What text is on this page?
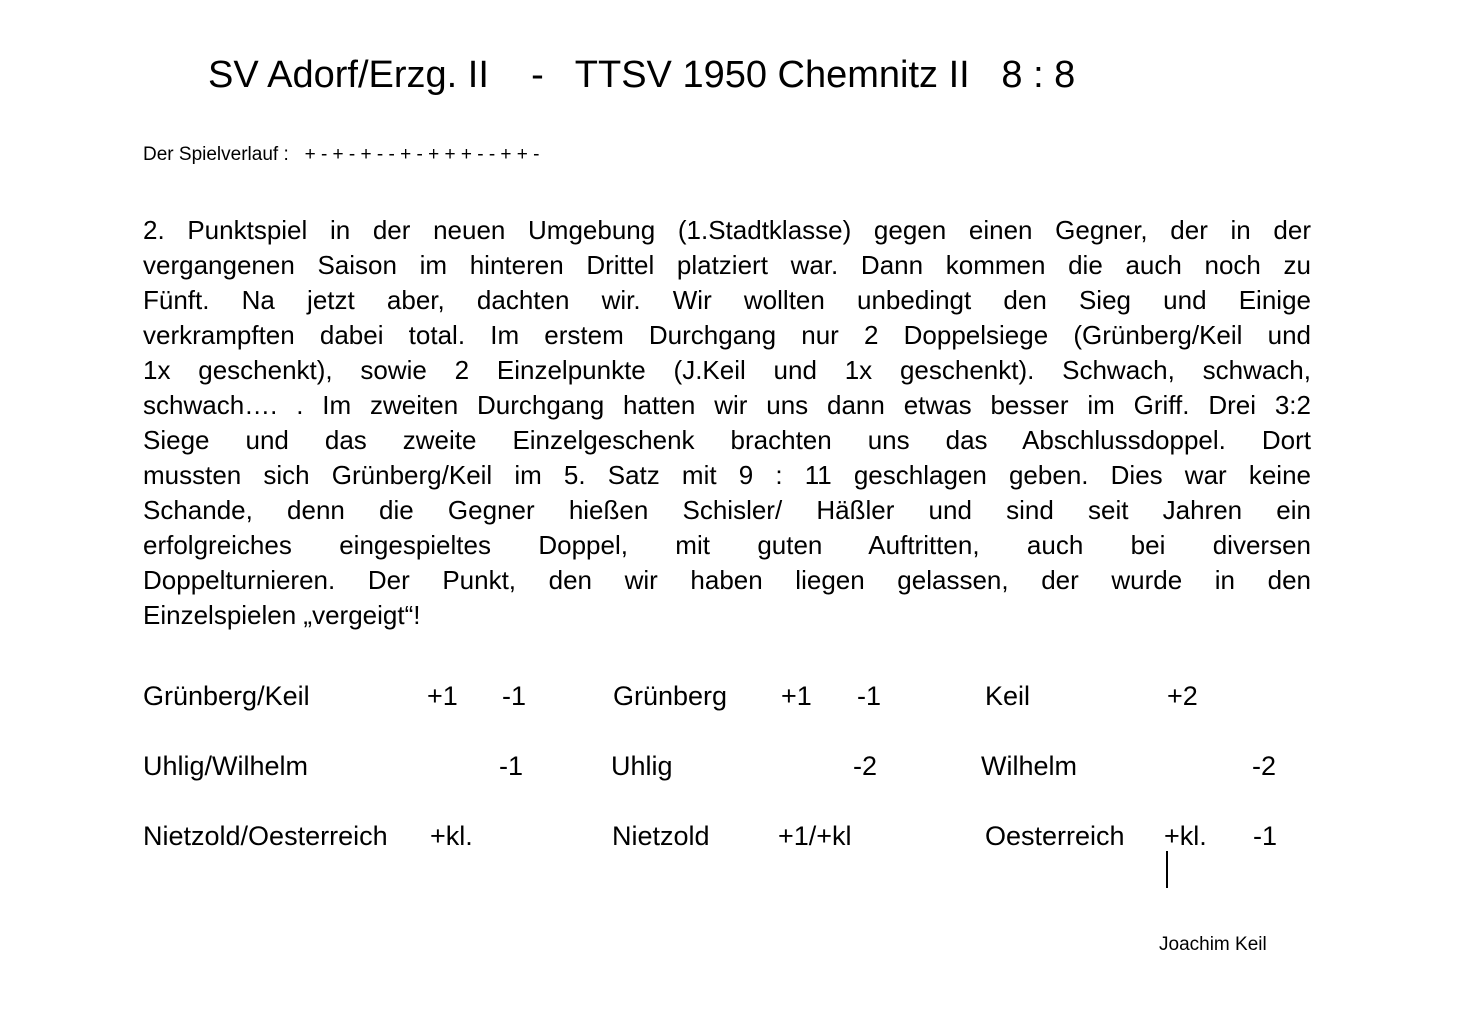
SV Adorf/Erzg. II    -   TTSV 1950 Chemnitz II   8 : 8
Der Spielverlauf :   + - + - + - - + - + + + - - + + -
2. Punktspiel in der neuen Umgebung (1.Stadtklasse) gegen einen Gegner, der in der
vergangenen Saison im hinteren Drittel platziert war. Dann kommen die auch noch zu
Fünft. Na jetzt aber, dachten wir. Wir wollten unbedingt den Sieg und Einige
verkrampften dabei total. Im erstem Durchgang nur 2 Doppelsiege (Grünberg/Keil und
1x geschenkt), sowie 2 Einzelpunkte (J.Keil und 1x geschenkt). Schwach, schwach,
schwach…. . Im zweiten Durchgang hatten wir uns dann etwas besser im Griff. Drei 3:2
Siege und das zweite Einzelgeschenk brachten uns das Abschlussdoppel. Dort
mussten sich Grünberg/Keil im 5. Satz mit 9 : 11 geschlagen geben. Dies war keine
Schande, denn die Gegner hießen Schisler/ Häßler und sind seit Jahren ein
erfolgreiches eingespieltes Doppel, mit guten Auftritten, auch bei diversen
Doppelturnieren. Der Punkt, den wir haben liegen gelassen, der wurde in den
Einzelspielen „vergeigt“!
Grünberg/Keil	+1 -1	Grünberg +1 -1	Keil	+2
Uhlig/Wilhelm	-1	Uhlig	-2	Wilhelm	-2
Nietzold/Oesterreich +kl.	Nietzold	+1/+kl	Oesterreich +kl. -1
Joachim Keil
